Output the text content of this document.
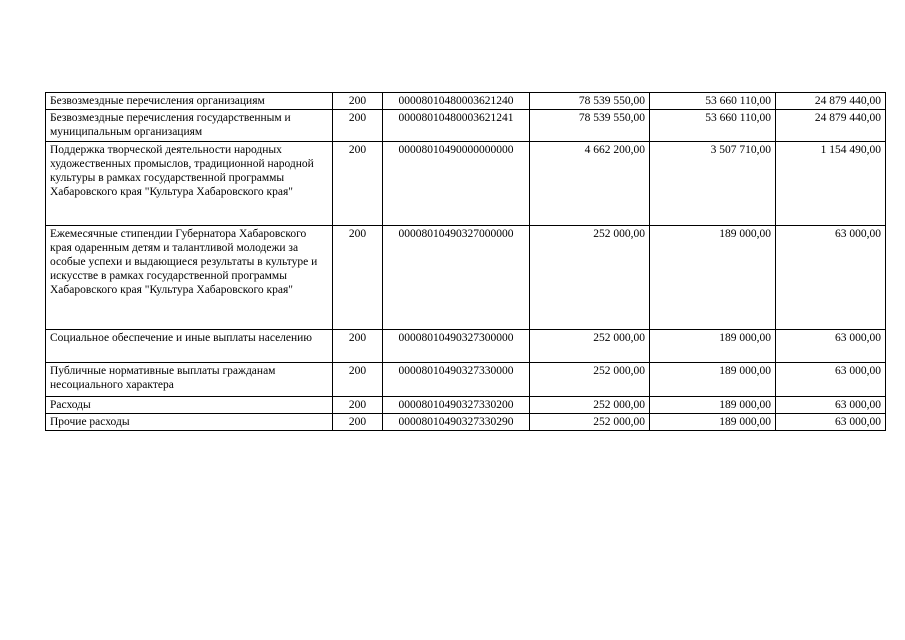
Безвозмездные перечисления организациям	200	00008010480003621240	78 539 550,00	53 660 110,00	24 879 440,00
Безвозмездные перечисления государственным и муниципальным организациям	200	00008010480003621241	78 539 550,00	53 660 110,00	24 879 440,00
Поддержка творческой деятельности народных художественных промыслов, традиционной народной культуры в рамках государственной программы Хабаровского края "Культура Хабаровского края"	200	00008010490000000000	4 662 200,00	3 507 710,00	1 154 490,00
Ежемесячные стипендии Губернатора Хабаровского края одаренным детям и талантливой молодежи за особые успехи и выдающиеся результаты в культуре и искусстве в рамках государственной программы Хабаровского края "Культура Хабаровского края"	200	00008010490327000000	252 000,00	189 000,00	63 000,00
Социальное обеспечение и иные выплаты населению	200	00008010490327300000	252 000,00	189 000,00	63 000,00
Публичные нормативные выплаты гражданам несоциального характера	200	00008010490327330000	252 000,00	189 000,00	63 000,00
Расходы	200	00008010490327330200	252 000,00	189 000,00	63 000,00
Прочие расходы	200	00008010490327330290	252 000,00	189 000,00	63 000,00
